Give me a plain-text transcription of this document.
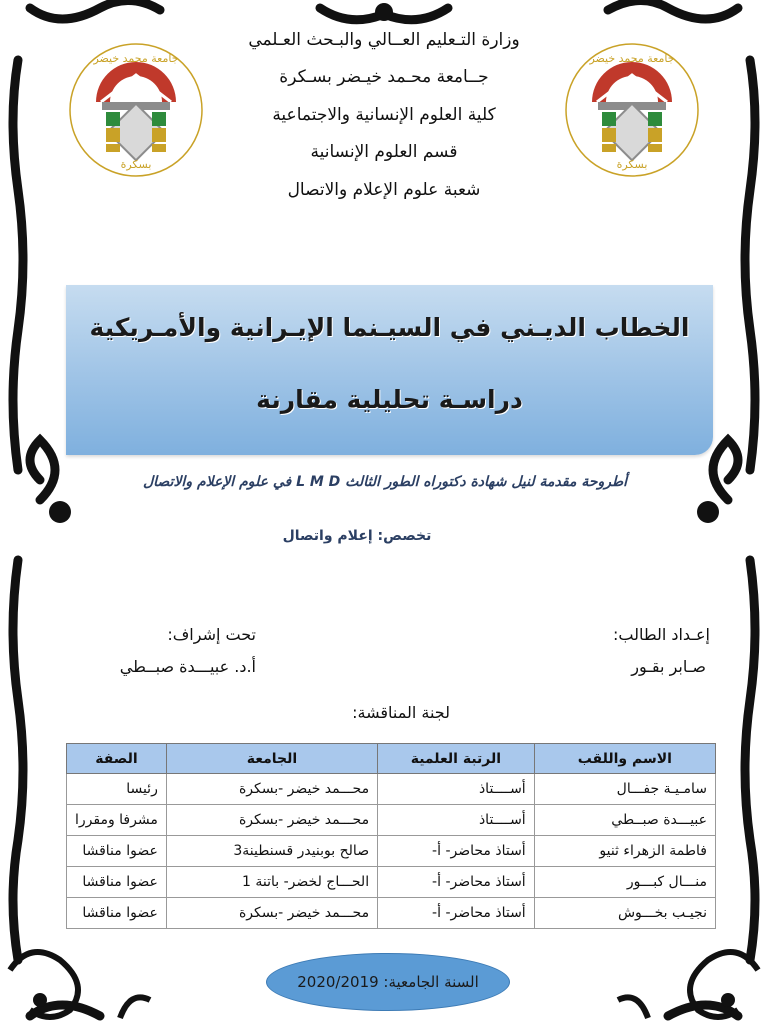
جامعة محمد خيضر
بسكرة
جامعة محمد خيضر
بسكرة
وزارة التـعليم العــالي والبـحث العـلمي
جــامعة محـمد خيـضر بسـكرة
كلية العلوم الإنسانية والاجتماعية
قسم العلوم الإنسانية
شعبة علوم الإعلام والاتصال
الخطاب الديـني في السيـنما الإيـرانية والأمـريكية
دراسـة تحليلية مقارنة
أطروحة مقدمة لنيل شهادة دكتوراه الطور الثالث L M D في علوم الإعلام والاتصال
تخصص: إعلام واتصال
إعـداد الطالب:
صـابر بقـور
تحت إشراف:
أ.د. عبيـــدة صبــطي
لجنة المناقشة:
الاسم واللقب	الرتبة العلمية	الجامعة	الصفة
سامـيـة جفـــال	أســــتاذ	محـــمد خيضر -بسكرة	رئيسا
عبيـــدة صبــطي	أســــتاذ	محـــمد خيضر -بسكرة	مشرفا ومقررا
فاطمة الزهراء ثنيو	أستاذ محاضر- أ-	صالح بوبنيدر قسنطينة3	عضوا مناقشا
منـــال كبـــور	أستاذ محاضر- أ-	الحـــاج لخضر- باتنة 1	عضوا مناقشا
نجيـب بخـــوش	أستاذ محاضر- أ-	محـــمد خيضر -بسكرة	عضوا مناقشا
السنة الجامعية: 2020/2019
